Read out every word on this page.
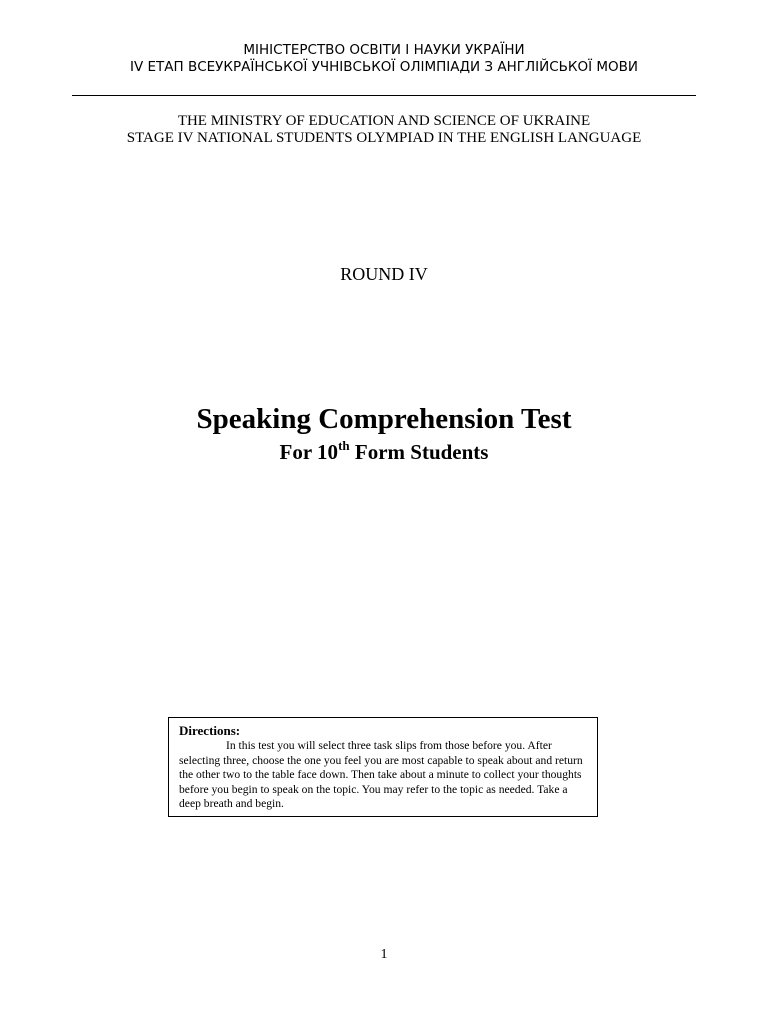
МІНІСТЕРСТВО ОСВІТИ І НАУКИ УКРАЇНИ
IV ЕТАП ВСЕУКРАЇНСЬКОЇ УЧНІВСЬКОЇ ОЛІМПІАДИ З АНГЛІЙСЬКОЇ МОВИ
THE MINISTRY OF EDUCATION AND SCIENCE OF UKRAINE
STAGE IV NATIONAL STUDENTS OLYMPIAD IN THE ENGLISH LANGUAGE
ROUND IV
Speaking Comprehension Test
For 10th Form Students
Directions:
In this test you will select three task slips from those before you. After selecting three, choose the one you feel you are most capable to speak about and return the other two to the table face down. Then take about a minute to collect your thoughts before you begin to speak on the topic. You may refer to the topic as needed. Take a deep breath and begin.
1
